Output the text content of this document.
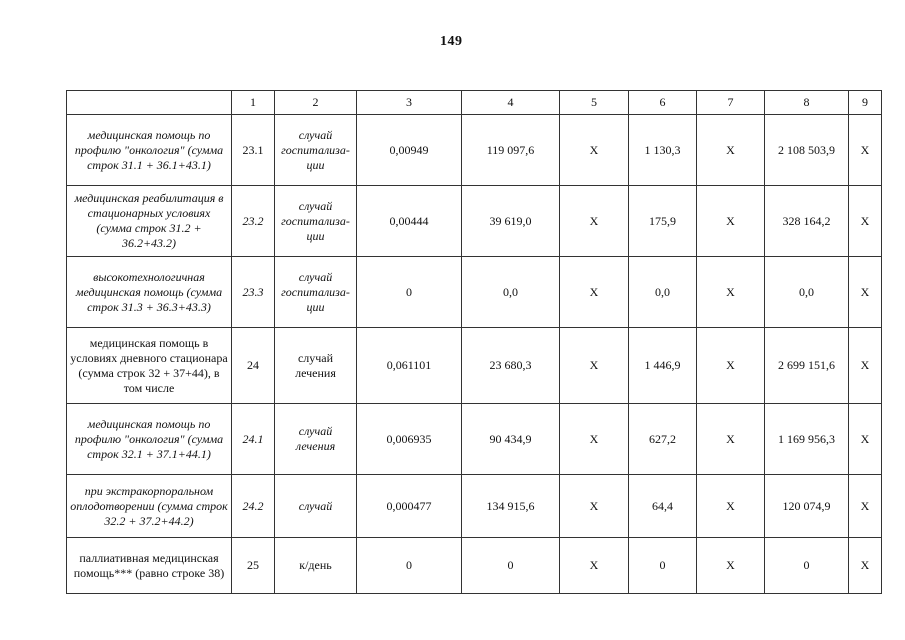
149
	1	2	3	4	5	6	7	8	9
медицинская помощь по профилю "онкология" (сумма строк 31.1 + 36.1+43.1)	23.1	случай госпитализа-ции	0,00949	119 097,6	X	1 130,3	X	2 108 503,9	X
медицинская реабилитация в стационарных условиях (сумма строк 31.2 + 36.2+43.2)	23.2	случай госпитализа-ции	0,00444	39 619,0	X	175,9	X	328 164,2	X
высокотехнологичная медицинская помощь (сумма строк 31.3 + 36.3+43.3)	23.3	случай госпитализа-ции	0	0,0	X	0,0	X	0,0	X
медицинская помощь в условиях дневного стационара (сумма строк 32 + 37+44), в том числе	24	случай лечения	0,061101	23 680,3	X	1 446,9	X	2 699 151,6	X
медицинская помощь по профилю "онкология" (сумма строк 32.1 + 37.1+44.1)	24.1	случай лечения	0,006935	90 434,9	X	627,2	X	1 169 956,3	X
при экстракорпоральном оплодотворении (сумма строк 32.2 + 37.2+44.2)	24.2	случай	0,000477	134 915,6	X	64,4	X	120 074,9	X
паллиативная медицинская помощь*** (равно строке 38)	25	к/день	0	0	X	0	X	0	X
